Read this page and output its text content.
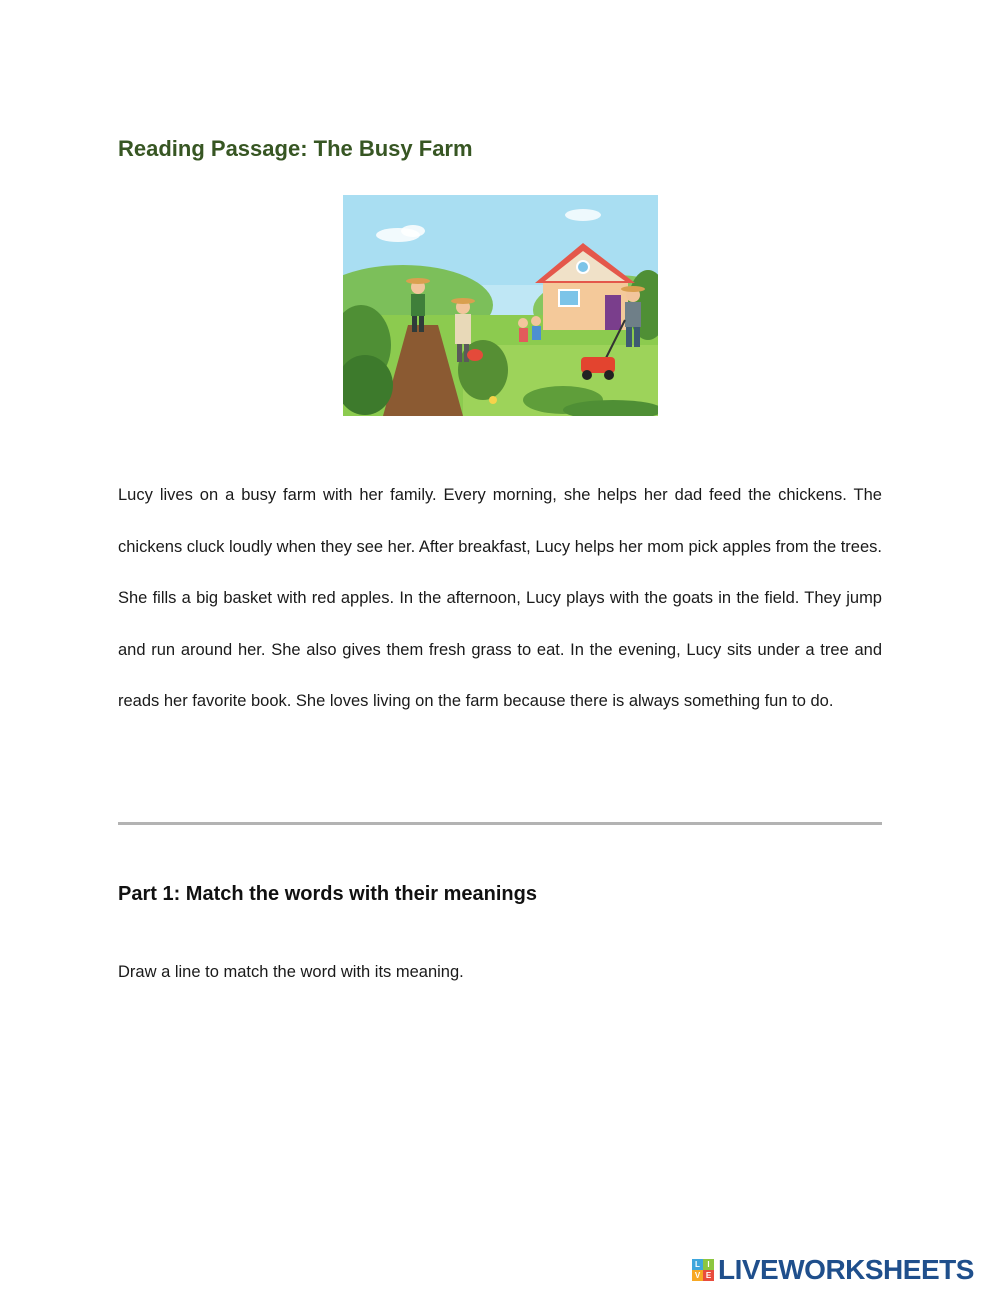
Reading Passage: The Busy Farm

Lucy lives on a busy farm with her family. Every morning, she helps her dad feed the chickens. The chickens cluck loudly when they see her. After breakfast, Lucy helps her mom pick apples from the trees. She fills a big basket with red apples. In the afternoon, Lucy plays with the goats in the field. They jump and run around her. She also gives them fresh grass to eat. In the evening, Lucy sits under a tree and reads her favorite book. She loves living on the farm because there is always something fun to do.

Part 1: Match the words with their meanings

Draw a line to match the word with its meaning.

L I
V E LIVEWORKSHEETS
